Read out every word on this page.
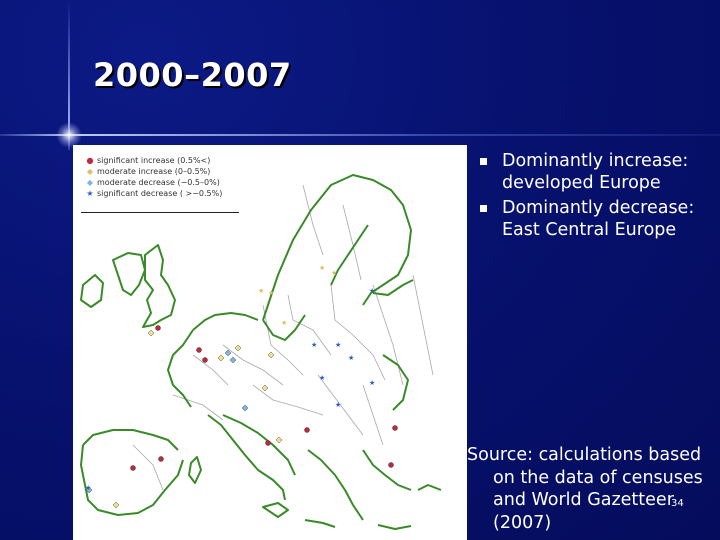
2000–2007
★	★
★
★
★
★
★
★
★
★
★
★
★
● significant increase (0.5%<)
◆ moderate increase (0–0.5%)
◆ moderate decrease (−0.5–0%)
★ significant decrease ( >−0.5%)
Dominantly increase:
developed Europe
Dominantly decrease:
East Central Europe
Source: calculations based
on the data of censuses
and World Gazetteer
(2007)
34
